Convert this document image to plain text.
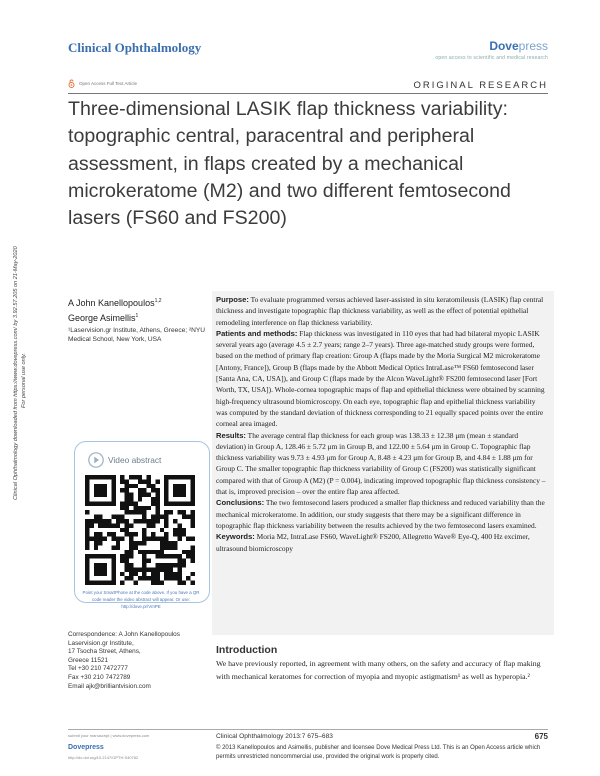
Clinical Ophthalmology	Dovepress
open access to scientific and medical research
Open Access Full Text Article	ORIGINAL RESEARCH
Three-dimensional LASIK flap thickness variability: topographic central, paracentral and peripheral assessment, in flaps created by a mechanical microkeratome (M2) and two different femtosecond lasers (FS60 and FS200)
Clinical Ophthalmology downloaded from https://www.dovepress.com/ by 3.92.57.205 on 21-May-2020 For personal use only.
A John Kanellopoulos$^{1,2}$
George Asimellis$^1$
¹Laservision.gr Institute, Athens, Greece; ²NYU Medical School, New York, USA

Purpose: To evaluate programmed versus achieved laser-assisted in situ keratomileusis (LASIK) flap central thickness and investigate topographic flap thickness variability, as well as the effect of potential epithelial remodeling interference on flap thickness variability.

Patients and methods: Flap thickness was investigated in 110 eyes that had had bilateral myopic LASIK several years ago (average 4.5 ± 2.7 years; range 2–7 years). Three age-matched study groups were formed, based on the method of primary flap creation: Group A (flaps made by the Moria Surgical M2 microkeratome [Antony, France]), Group B (flaps made by the Abbott Medical Optics IntraLase™ FS60 femtosecond laser [Santa Ana, CA, USA]), and Group C (flaps made by the Alcon WaveLight® FS200 femtosecond laser [Fort Worth, TX, USA]). Whole-cornea topographic maps of flap and epithelial thickness were obtained by scanning high-frequency ultrasound biomicroscopy. On each eye, topographic flap and epithelial thickness variability was computed by the standard deviation of thickness corresponding to 21 equally spaced points over the entire corneal area imaged.

Results: The average central flap thickness for each group was 138.33 ± 12.38 μm (mean ± standard deviation) in Group A, 128.46 ± 5.72 μm in Group B, and 122.00 ± 5.64 μm in Group C. Topographic flap thickness variability was 9.73 ± 4.93 μm for Group A, 8.48 ± 4.23 μm for Group B, and 4.84 ± 1.88 μm for Group C. The smaller topographic flap thickness variability of Group C (FS200) was statistically significant compared with that of Group A (M2) (P = 0.004), indicating improved topographic flap thickness consistency – that is, improved precision – over the entire flap area affected.

Conclusions: The two femtosecond lasers produced a smaller flap thickness and reduced variability than the mechanical microkeratome. In addition, our study suggests that there may be a significant difference in topographic flap thickness variability between the results achieved by the two femtosecond lasers examined.

Keywords: Moria M2, IntraLase FS60, WaveLight® FS200, Allegretto Wave® Eye-Q, 400 Hz excimer, ultrasound biomicroscopy

Video abstract
Point your SmartPhone at the code above. If you have a QR code reader the video abstract will appear. Or use: http://dove.pr/VmPE
Correspondence: A John Kanellopoulos
Laservision.gr Institute,
17 Tsocha Street, Athens,
Greece 11521
Tel +30 210 7472777
Fax +30 210 7472789
Email ajk@brilliantvision.com
Introduction
We have previously reported, in agreement with many others, on the safety and accuracy of flap making with mechanical keratomes for correction of myopia and myopic astigmatism¹ as well as hyperopia.²
submit your manuscript | www.dovepress.com
Dovepress
http://dx.doi.org/10.2147/OPTH.S40762
Clinical Ophthalmology 2013:7 675–683	675
© 2013 Kanellopoulos and Asimellis, publisher and licensee Dove Medical Press Ltd. This is an Open Access article which permits unrestricted noncommercial use, provided the original work is properly cited.
